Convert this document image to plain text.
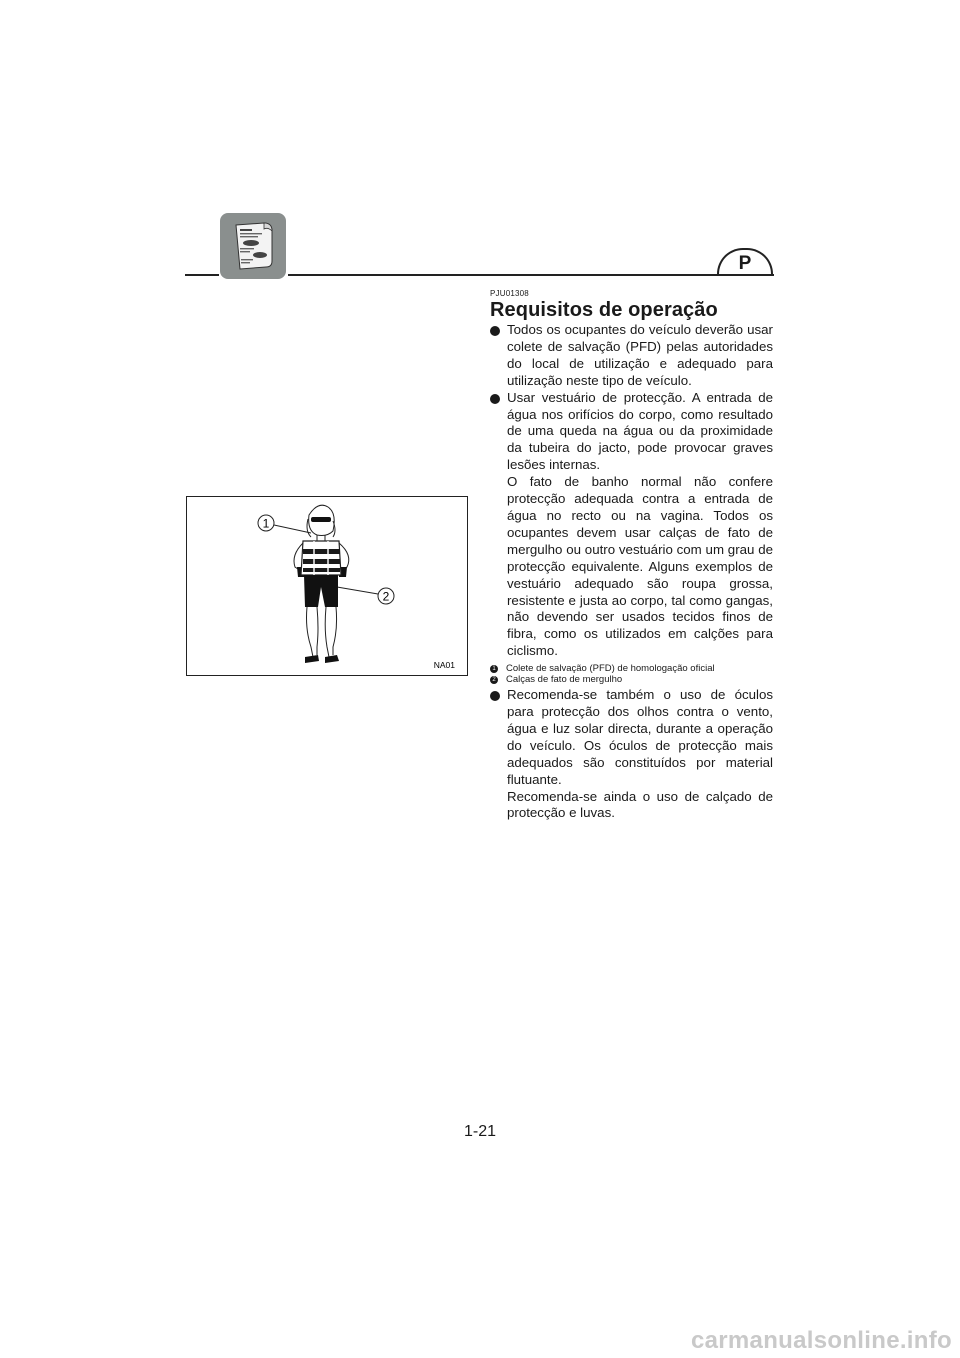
P
PJU01308
Requisitos de operação

Todos os ocupantes do veículo deverão usar colete de salvação (PFD) pelas autoridades do local de utilização e adequado para utilização neste tipo de veículo.

Usar vestuário de protecção. A entrada de água nos orifícios do corpo, como resultado de uma queda na água ou da proximidade da tubeira do jacto, pode provocar graves lesões internas.

O fato de banho normal não confere protecção adequada contra a entrada de água no recto ou na vagina. Todos os ocupantes devem usar calças de fato de mergulho ou outro vestuário com um grau de protecção equivalente. Alguns exemplos de vestuário adequado são roupa grossa, resistente e justa ao corpo, tal como gangas, não devendo ser usados tecidos finos de fibra, como os utilizados em calções para ciclismo.

1 Colete de salvação (PFD) de homologação oficial
2 Calças de fato de mergulho

Recomenda-se também o uso de óculos para protecção dos olhos contra o vento, água e luz solar directa, durante a operação do veículo. Os óculos de protecção mais adequados são constituídos por material flutuante.

Recomenda-se ainda o uso de calçado de protecção e luvas.

1
2
NA01
1-21
carmanualsonline.info
